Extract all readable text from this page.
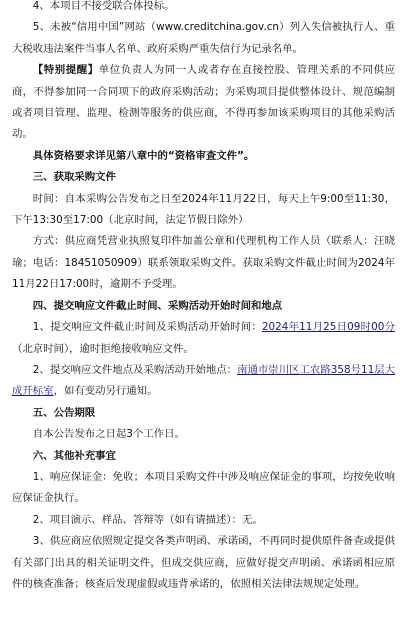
4、本项目不接受联合体投标。

5、未被“信用中国”网站（www.creditchina.gov.cn）列入失信被执行人、重大税收违法案件当事人名单、政府采购严重失信行为记录名单。

【特别提醒】单位负责人为同一人或者存在直接控股、管理关系的不同供应商，不得参加同一合同项下的政府采购活动；为采购项目提供整体设计、规范编制或者项目管理、监理、检测等服务的供应商，不得再参加该采购项目的其他采购活动。

具体资格要求详见第八章中的“资格审查文件”。

三、获取采购文件

时间：自本采购公告发布之日至2024年11月22日，每天上午9:00至11:30，下午13:30至17:00（北京时间，法定节假日除外）

方式：供应商凭营业执照复印件加盖公章和代理机构工作人员（联系人：汪晓瑜；电话：18451050909）联系领取采购文件。获取采购文件截止时间为2024年11月22日17:00时，逾期不予受理。

四、提交响应文件截止时间、采购活动开始时间和地点

1、提交响应文件截止时间及采购活动开始时间：2024年11月25日09时00分（北京时间），逾时拒绝接收响应文件。

2、提交响应文件地点及采购活动开始地点：南通市崇川区工农路358号11层大成开标室，如有变动另行通知。

五、公告期限

自本公告发布之日起3个工作日。

六、其他补充事宜

1、响应保证金：免收；本项目采购文件中涉及响应保证金的事项，均按免收响应保证金执行。

2、项目演示、样品、答辩等（如有请描述）：无。

3、供应商应依照规定提交各类声明函、承诺函，不再同时提供原件备查或提供有关部门出具的相关证明文件，但成交供应商，应做好提交声明函、承诺函相应原件的核查准备；核查后发现虚假或违背承诺的，依照相关法律法规规定处理。
